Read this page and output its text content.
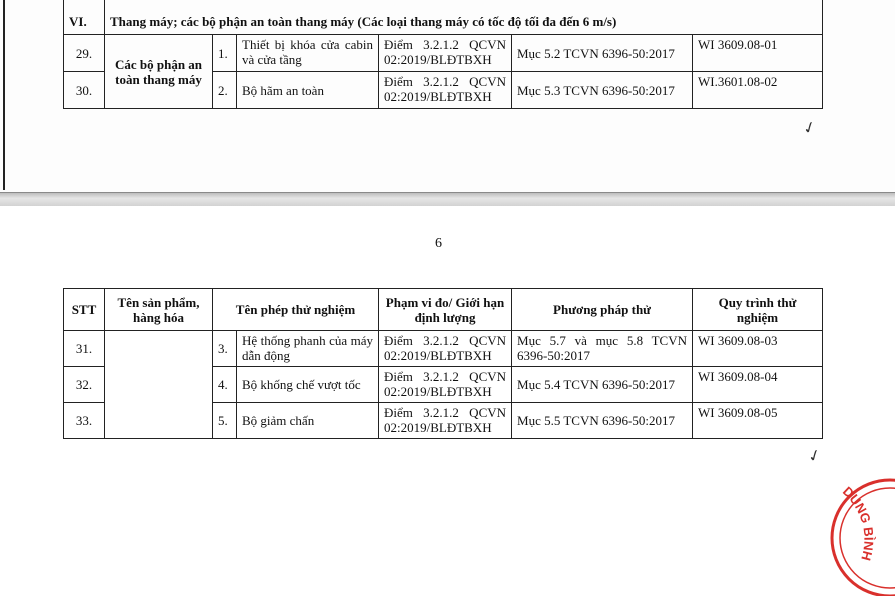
VI.	Thang máy; các bộ phận an toàn thang máy (Các loại thang máy có tốc độ tối đa đến 6 m/s)					
29.	Các bộ phận an toàn thang máy	1.	Thiết bị khóa cửa cabin và cửa tầng	Điểm 3.2.1.2 QCVN 02:2019/BLĐTBXH	Mục 5.2 TCVN 6396-50:2017	WI 3609.08-01
30.		2.	Bộ hãm an toàn	Điểm 3.2.1.2 QCVN 02:2019/BLĐTBXH	Mục 5.3 TCVN 6396-50:2017	WI.3601.08-02
✓
6
STT	Tên sản phẩm, hàng hóa	Tên phép thử nghiệm		Phạm vi đo/ Giới hạn định lượng	Phương pháp thử	Quy trình thử nghiệm
31.		3.	Hệ thống phanh của máy dẫn động	Điểm 3.2.1.2 QCVN 02:2019/BLĐTBXH	Mục 5.7 và mục 5.8 TCVN 6396-50:2017	WI 3609.08-03
32.		4.	Bộ khống chế vượt tốc	Điểm 3.2.1.2 QCVN 02:2019/BLĐTBXH	Mục 5.4 TCVN 6396-50:2017	WI 3609.08-04
33.		5.	Bộ giảm chấn	Điểm 3.2.1.2 QCVN 02:2019/BLĐTBXH	Mục 5.5 TCVN 6396-50:2017	WI 3609.08-05
✓
DUNG BÌNH
